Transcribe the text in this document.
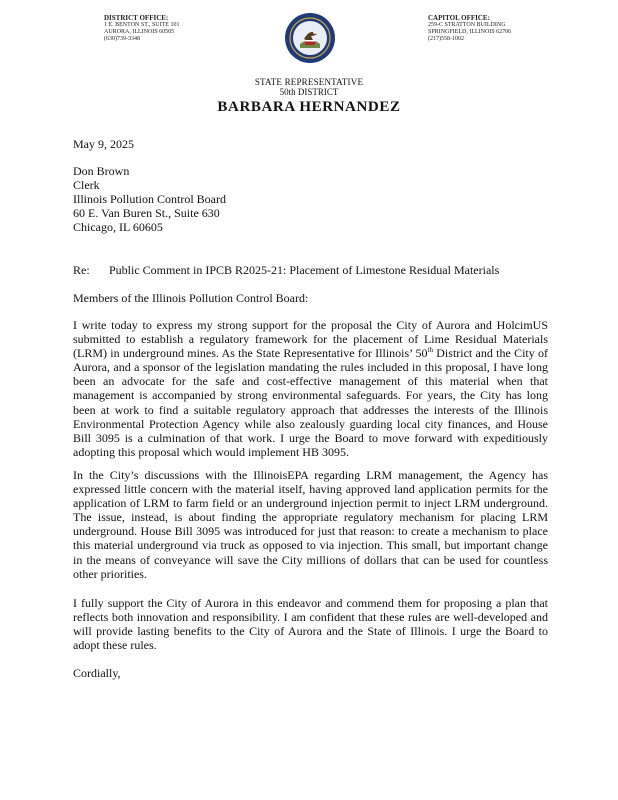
DISTRICT OFFICE:
1 E. BENTON ST., SUITE 101
AURORA, ILLINOIS 60505
(630)739-3348
CAPITOL OFFICE:
259-C STRATTON BUILDING
SPRINGFIELD, ILLINOIS 62706
(217)558-1002
STATE REPRESENTATIVE
50th DISTRICT
BARBARA HERNANDEZ
May 9, 2025
Don Brown
Clerk
Illinois Pollution Control Board
60 E. Van Buren St., Suite 630
Chicago, IL 60605
Re: Public Comment in IPCB R2025-21: Placement of Limestone Residual Materials
Members of the Illinois Pollution Control Board:

I write today to express my strong support for the proposal the City of Aurora and HolcimUS submitted to establish a regulatory framework for the placement of Lime Residual Materials (LRM) in underground mines. As the State Representative for Illinois’ 50th District and the City of Aurora, and a sponsor of the legislation mandating the rules included in this proposal, I have long been an advocate for the safe and cost-effective management of this material when that management is accompanied by strong environmental safeguards. For years, the City has long been at work to find a suitable regulatory approach that addresses the interests of the Illinois Environmental Protection Agency while also zealously guarding local city finances, and House Bill 3095 is a culmination of that work. I urge the Board to move forward with expeditiously adopting this proposal which would implement HB 3095.

In the City’s discussions with the IllinoisEPA regarding LRM management, the Agency has expressed little concern with the material itself, having approved land application permits for the application of LRM to farm field or an underground injection permit to inject LRM underground. The issue, instead, is about finding the appropriate regulatory mechanism for placing LRM underground. House Bill 3095 was introduced for just that reason: to create a mechanism to place this material underground via truck as opposed to via injection. This small, but important change in the means of conveyance will save the City millions of dollars that can be used for countless other priorities.

I fully support the City of Aurora in this endeavor and commend them for proposing a plan that reflects both innovation and responsibility. I am confident that these rules are well-developed and will provide lasting benefits to the City of Aurora and the State of Illinois. I urge the Board to adopt these rules.

Cordially,
